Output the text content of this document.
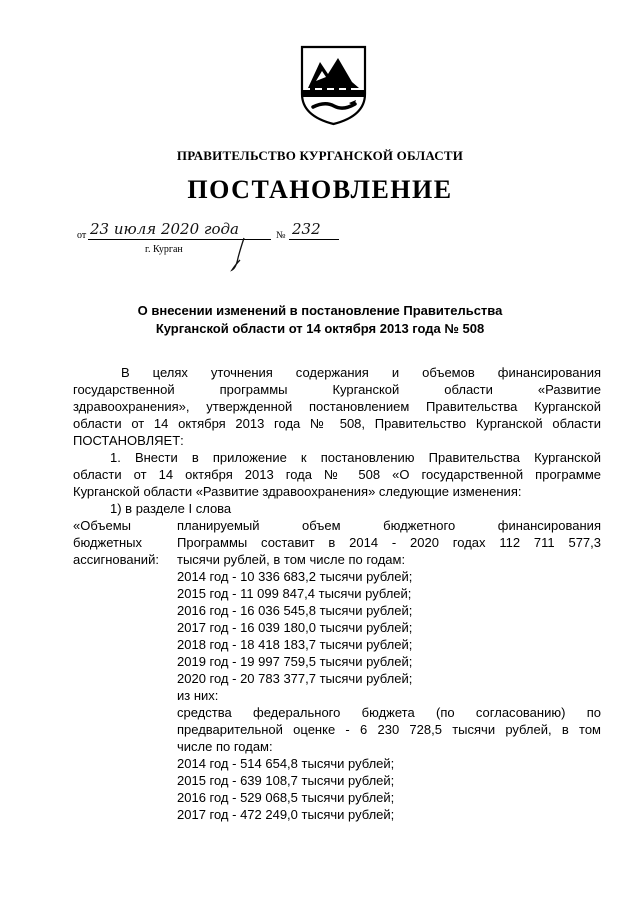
ПРАВИТЕЛЬСТВО КУРГАНСКОЙ ОБЛАСТИ
ПОСТАНОВЛЕНИЕ
от 23 июля 2020 года	№ 232
г. Курган
О внесении изменений в постановление Правительства
Курганской области от 14 октября 2013 года № 508
В целях уточнения содержания и объемов финансирования
государственной программы Курганской области «Развитие
здравоохранения», утвержденной постановлением Правительства Курганской
области от 14 октября 2013 года № 508, Правительство Курганской области
ПОСТАНОВЛЯЕТ:
1. Внести в приложение к постановлению Правительства Курганской
области от 14 октября 2013 года № 508 «О государственной программе
Курганской области «Развитие здравоохранения» следующие изменения:
1) в разделе I слова
«Объемы
бюджетных
ассигнований:
планируемый объем бюджетного финансирования
Программы составит в 2014 - 2020 годах 112 711 577,3
тысячи рублей, в том числе по годам:
2014 год - 10 336 683,2 тысячи рублей;
2015 год - 11 099 847,4 тысячи рублей;
2016 год - 16 036 545,8 тысячи рублей;
2017 год - 16 039 180,0 тысячи рублей;
2018 год - 18 418 183,7 тысячи рублей;
2019 год - 19 997 759,5 тысячи рублей;
2020 год - 20 783 377,7 тысячи рублей;
из них:
средства федерального бюджета (по согласованию) по
предварительной оценке - 6 230 728,5 тысячи рублей, в том
числе по годам:
2014 год - 514 654,8 тысячи рублей;
2015 год - 639 108,7 тысячи рублей;
2016 год - 529 068,5 тысячи рублей;
2017 год - 472 249,0 тысячи рублей;
